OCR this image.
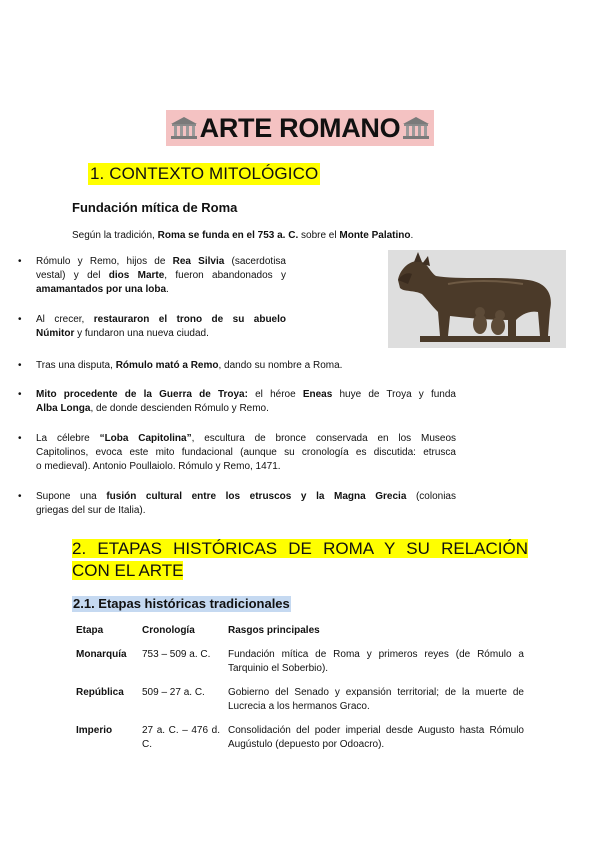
ARTE ROMANO
1. CONTEXTO MITOLÓGICO
Fundación mítica de Roma
Según la tradición, Roma se funda en el 753 a. C. sobre el Monte Palatino.
• Rómulo y Remo, hijos de Rea Silvia (sacerdotisa
vestal) y del dios Marte, fueron abandonados y
amamantados por una loba.
• Al crecer, restauraron el trono de su abuelo
Númitor y fundaron una nueva ciudad.
• Tras una disputa, Rómulo mató a Remo, dando su nombre a Roma.
• Mito procedente de la Guerra de Troya: el héroe Eneas huye de Troya y funda
Alba Longa, de donde descienden Rómulo y Remo.
• La célebre “Loba Capitolina”, escultura de bronce conservada en los Museos
Capitolinos, evoca este mito fundacional (aunque su cronología es discutida: etrusca
o medieval). Antonio Poullaiolo. Rómulo y Remo, 1471.
• Supone una fusión cultural entre los etruscos y la Magna Grecia (colonias
griegas del sur de Italia).
2. ETAPAS HISTÓRICAS DE ROMA Y SU RELACIÓN
CON EL ARTE
2.1. Etapas históricas tradicionales
Etapa	Cronología	Rasgos principales
Monarquía	753 – 509 a. C.	Fundación mítica de Roma y primeros reyes (de Rómulo a Tarquinio el Soberbio).
República	509 – 27 a. C.	Gobierno del Senado y expansión territorial; de la muerte de Lucrecia a los hermanos Graco.
Imperio	27 a. C. – 476 d. C.	Consolidación del poder imperial desde Augusto hasta Rómulo Augústulo (depuesto por Odoacro).
